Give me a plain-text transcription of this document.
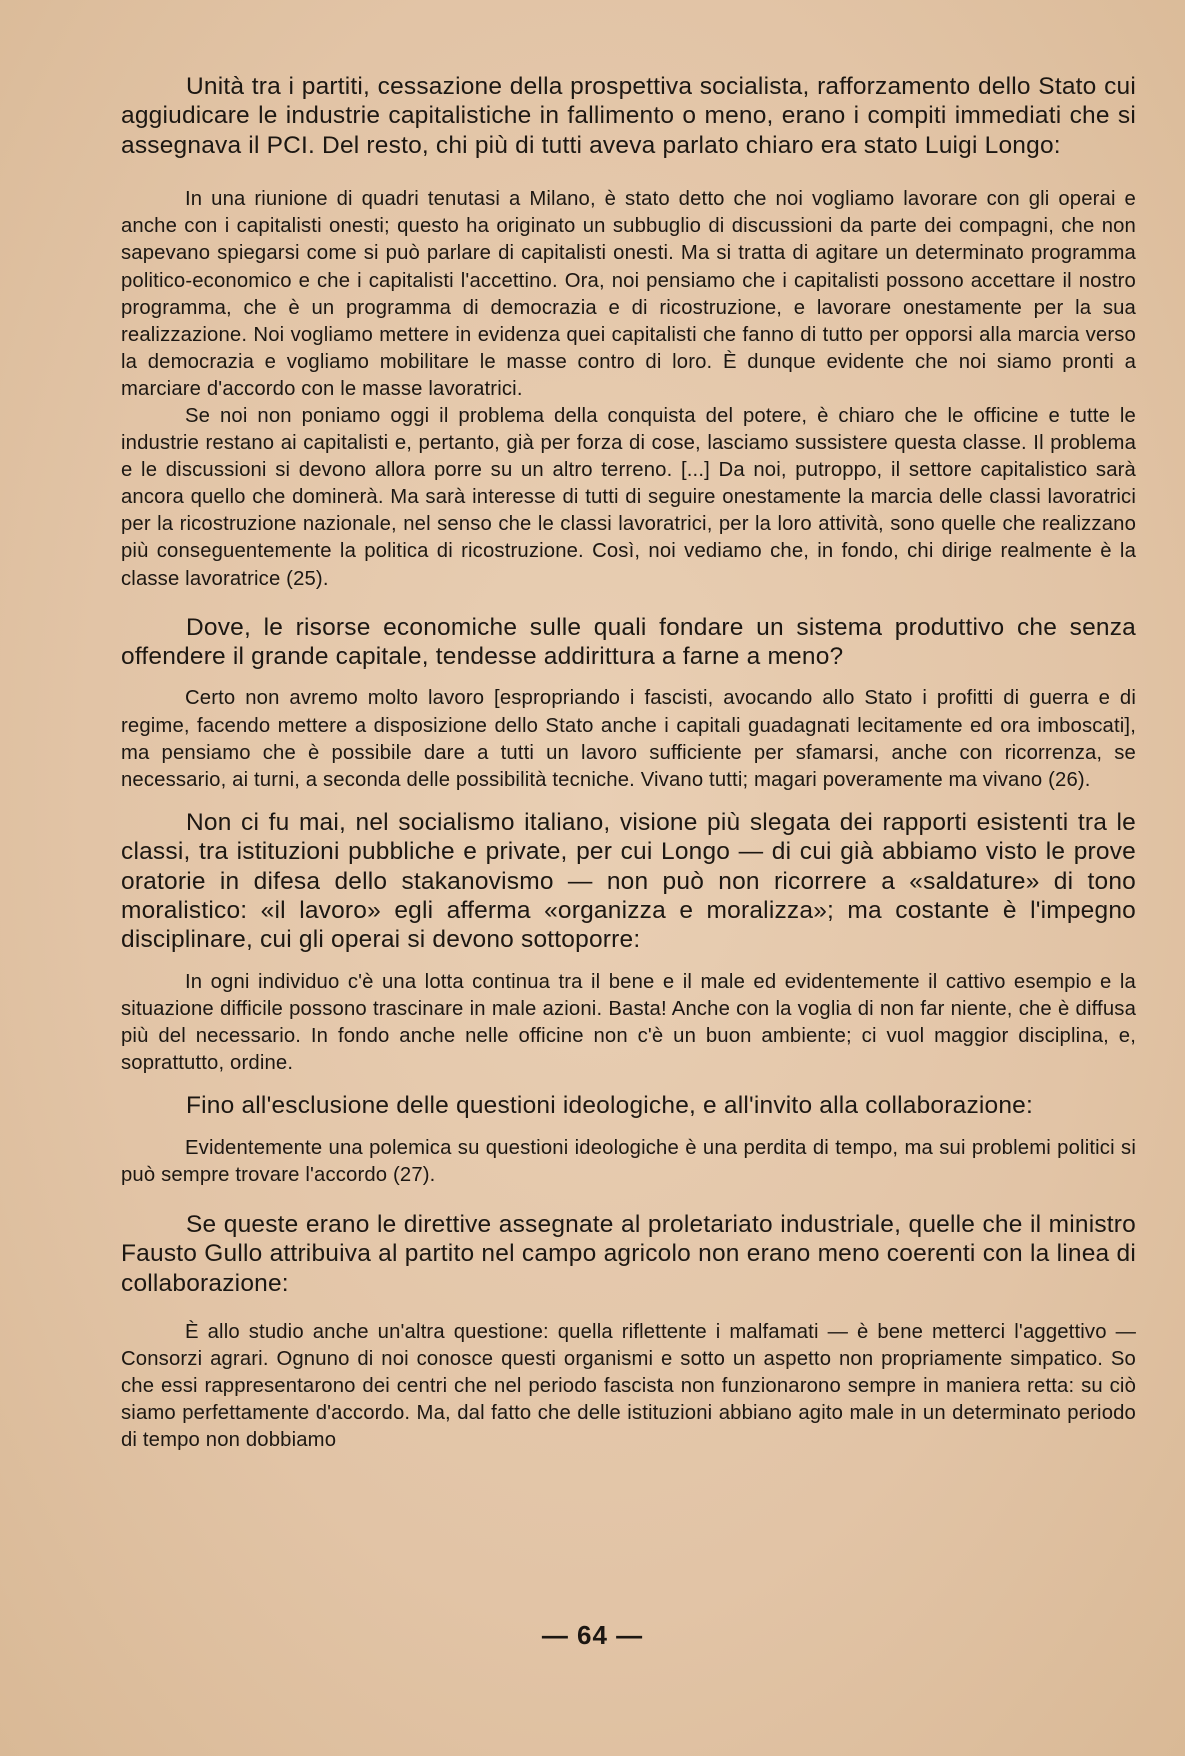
Unità tra i partiti, cessazione della prospettiva socialista, rafforzamento dello Stato cui aggiudicare le industrie capitalistiche in fallimento o meno, erano i compiti immediati che si assegnava il PCI. Del resto, chi più di tutti aveva parlato chiaro era stato Luigi Longo:

In una riunione di quadri tenutasi a Milano, è stato detto che noi vogliamo lavorare con gli operai e anche con i capitalisti onesti; questo ha originato un subbuglio di discussioni da parte dei compagni, che non sapevano spiegarsi come si può parlare di capitalisti onesti. Ma si tratta di agitare un determinato programma politico-economico e che i capitalisti l'accettino. Ora, noi pensiamo che i capitalisti possono accettare il nostro programma, che è un programma di democrazia e di ricostruzione, e lavorare onestamente per la sua realizzazione. Noi vogliamo mettere in evidenza quei capitalisti che fanno di tutto per opporsi alla marcia verso la democrazia e vogliamo mobilitare le masse contro di loro. È dunque evidente che noi siamo pronti a marciare d'accordo con le masse lavoratrici.

Se noi non poniamo oggi il problema della conquista del potere, è chiaro che le officine e tutte le industrie restano ai capitalisti e, pertanto, già per forza di cose, lasciamo sussistere questa classe. Il problema e le discussioni si devono allora porre su un altro terreno. [...] Da noi, putroppo, il settore capitalistico sarà ancora quello che dominerà. Ma sarà interesse di tutti di seguire onestamente la marcia delle classi lavoratrici per la ricostruzione nazionale, nel senso che le classi lavoratrici, per la loro attività, sono quelle che realizzano più conseguentemente la politica di ricostruzione. Così, noi vediamo che, in fondo, chi dirige realmente è la classe lavoratrice (25).

Dove, le risorse economiche sulle quali fondare un sistema produttivo che senza offendere il grande capitale, tendesse addirittura a farne a meno?

Certo non avremo molto lavoro [espropriando i fascisti, avocando allo Stato i profitti di guerra e di regime, facendo mettere a disposizione dello Stato anche i capitali guadagnati lecitamente ed ora imboscati], ma pensiamo che è possibile dare a tutti un lavoro sufficiente per sfamarsi, anche con ricorrenza, se necessario, ai turni, a seconda delle possibilità tecniche. Vivano tutti; magari poveramente ma vivano (26).

Non ci fu mai, nel socialismo italiano, visione più slegata dei rapporti esistenti tra le classi, tra istituzioni pubbliche e private, per cui Longo — di cui già abbiamo visto le prove oratorie in difesa dello stakanovismo — non può non ricorrere a «saldature» di tono moralistico: «il lavoro» egli afferma «organizza e moralizza»; ma costante è l'impegno disciplinare, cui gli operai si devono sottoporre:

In ogni individuo c'è una lotta continua tra il bene e il male ed evidentemente il cattivo esempio e la situazione difficile possono trascinare in male azioni. Basta! Anche con la voglia di non far niente, che è diffusa più del necessario. In fondo anche nelle officine non c'è un buon ambiente; ci vuol maggior disciplina, e, soprattutto, ordine.

Fino all'esclusione delle questioni ideologiche, e all'invito alla collaborazione:

Evidentemente una polemica su questioni ideologiche è una perdita di tempo, ma sui problemi politici si può sempre trovare l'accordo (27).

Se queste erano le direttive assegnate al proletariato industriale, quelle che il ministro Fausto Gullo attribuiva al partito nel campo agricolo non erano meno coerenti con la linea di collaborazione:

È allo studio anche un'altra questione: quella riflettente i malfamati — è bene metterci l'aggettivo — Consorzi agrari. Ognuno di noi conosce questi organismi e sotto un aspetto non propriamente simpatico. So che essi rappresentarono dei centri che nel periodo fascista non funzionarono sempre in maniera retta: su ciò siamo perfettamente d'accordo. Ma, dal fatto che delle istituzioni abbiano agito male in un determinato periodo di tempo non dobbiamo

— 64 —
